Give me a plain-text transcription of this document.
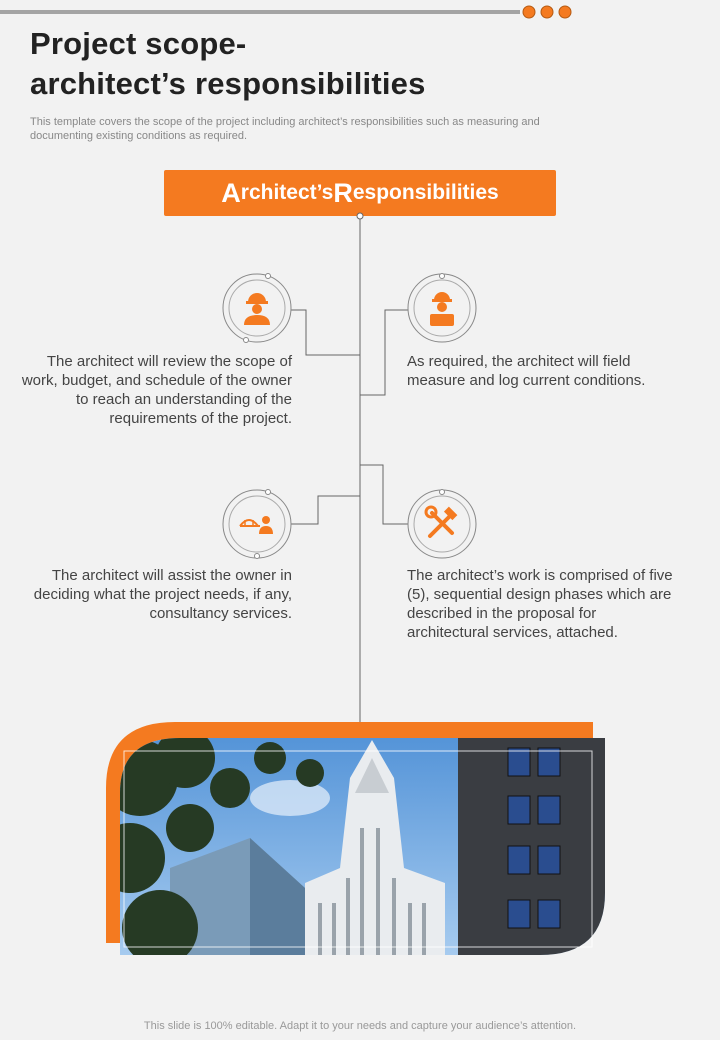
Project scope-
architect’s responsibilities
This template covers the scope of the project including architect’s responsibilities such as measuring and documenting existing conditions as required.
A rchitect’s R esponsibilities
The architect will review the scope of work, budget, and schedule of the owner to reach an understanding of the requirements of the project.
As required, the architect will field measure and log current conditions.
The architect will assist the owner in deciding what the project needs, if any, consultancy services.
The architect’s work is comprised of five (5), sequential design phases which are described in the proposal for architectural services, attached.
This slide is 100% editable. Adapt it to your needs and capture your audience’s attention.
